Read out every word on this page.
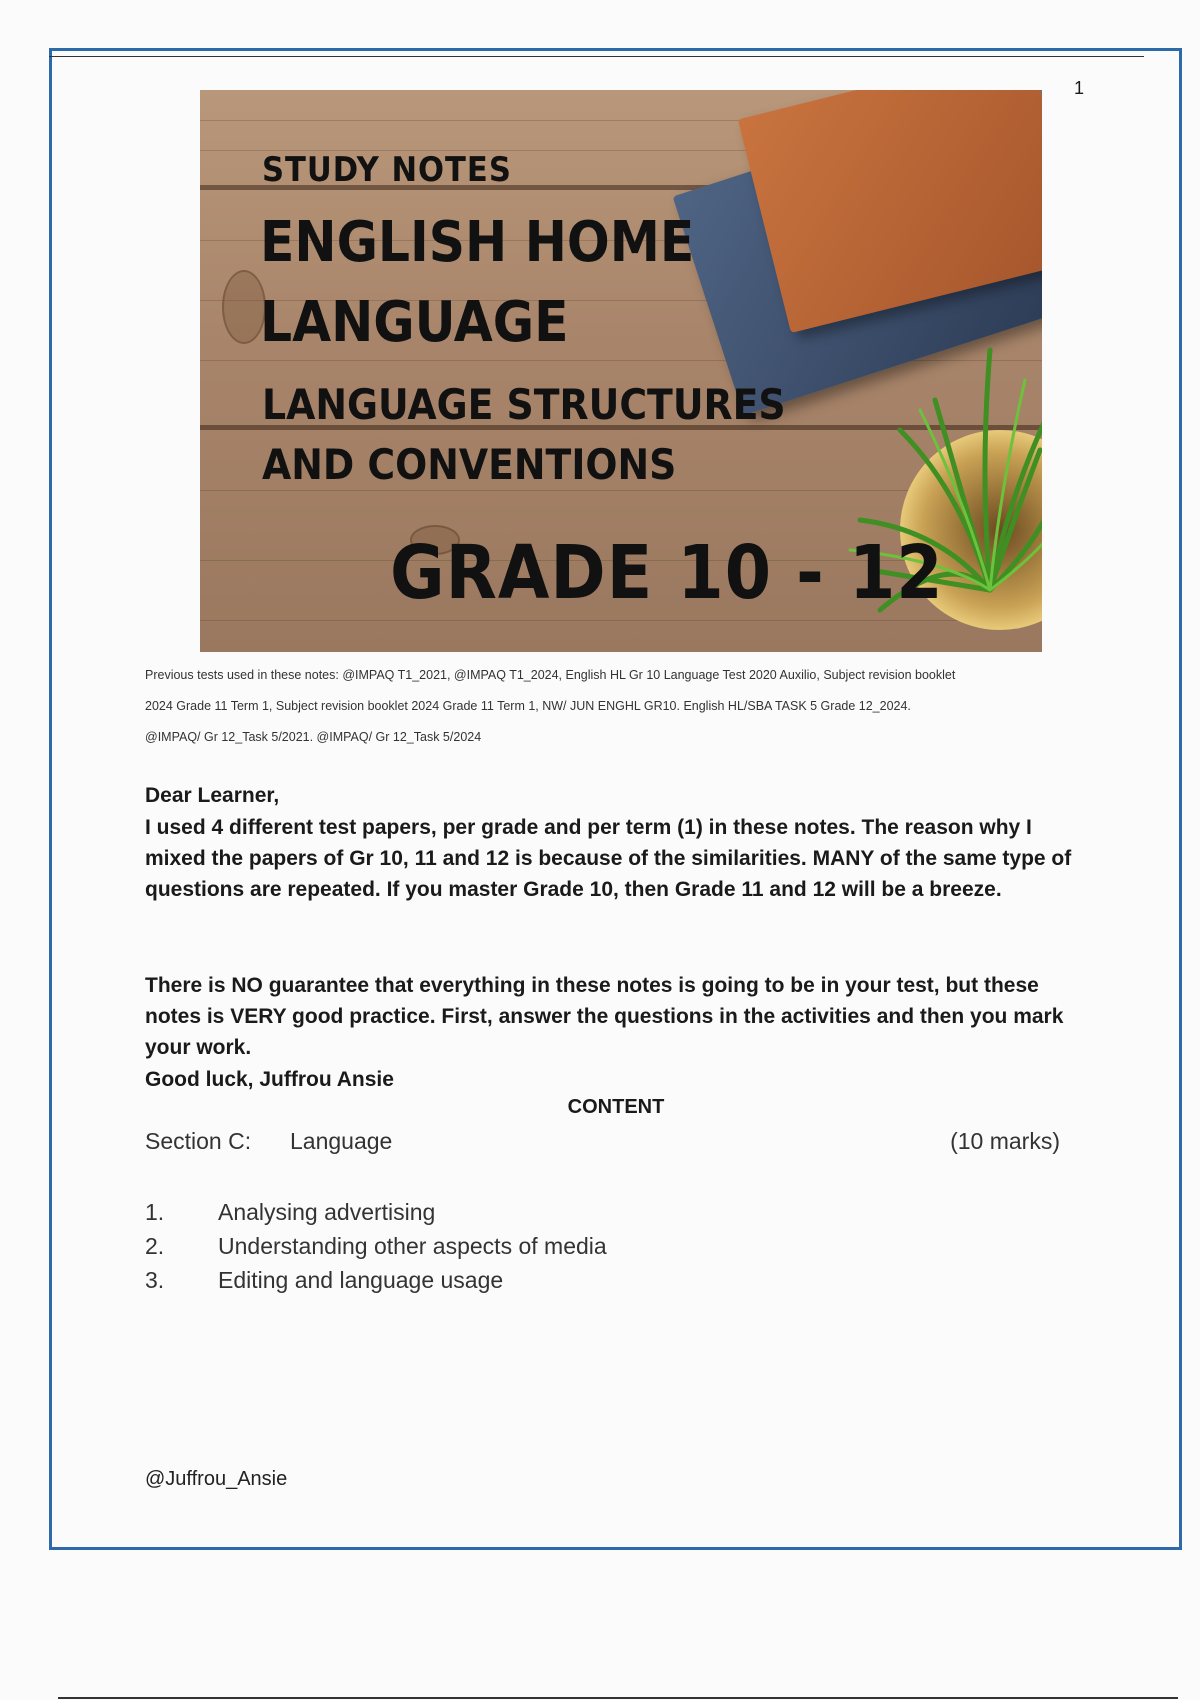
1
STUDY NOTES
ENGLISH HOME
LANGUAGE
LANGUAGE STRUCTURES
AND CONVENTIONS
GRADE 10 - 12
Previous tests used in these notes: @IMPAQ T1_2021, @IMPAQ T1_2024, English HL Gr 10 Language Test 2020 Auxilio, Subject revision booklet
2024 Grade 11 Term 1, Subject revision booklet 2024 Grade 11 Term 1, NW/ JUN ENGHL GR10. English HL/SBA TASK 5 Grade 12_2024.
@IMPAQ/ Gr 12_Task 5/2021. @IMPAQ/ Gr 12_Task 5/2024
Dear Learner,
I used 4 different test papers, per grade and per term (1) in these notes. The reason why I mixed the papers of Gr 10, 11 and 12 is because of the similarities. MANY of the same type of questions are repeated. If you master Grade 10, then Grade 11 and 12 will be a breeze.
There is NO guarantee that everything in these notes is going to be in your test, but these notes is VERY good practice. First, answer the questions in the activities and then you mark your work.
Good luck, Juffrou Ansie
CONTENT
Section C: Language	(10 marks)
1. Analysing advertising
2. Understanding other aspects of media
3. Editing and language usage
@Juffrou_Ansie
